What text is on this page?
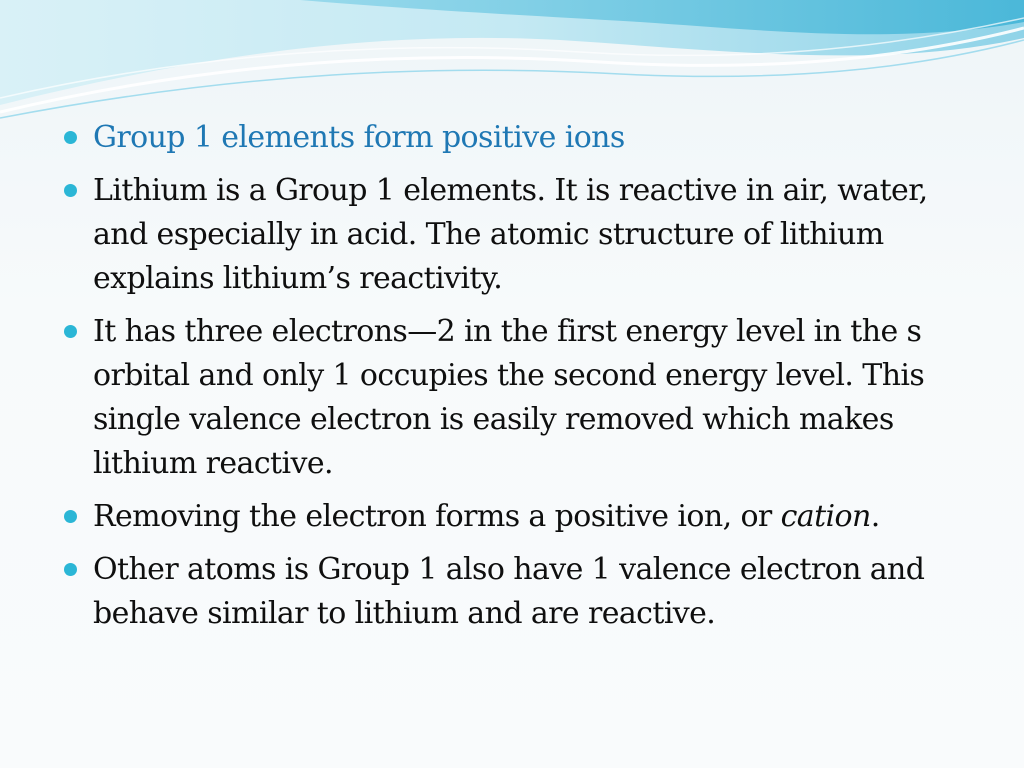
Group 1 elements form positive ions
Lithium is a Group 1 elements. It is reactive in air, water, and especially in acid. The atomic structure of lithium explains lithium’s reactivity.
It has three electrons—2 in the first energy level in the s orbital and only 1 occupies the second energy level. This single valence electron is easily removed which makes lithium reactive.
Removing the electron forms a positive ion, or cation.
Other atoms is Group 1 also have 1 valence electron and behave similar to lithium and are reactive.
